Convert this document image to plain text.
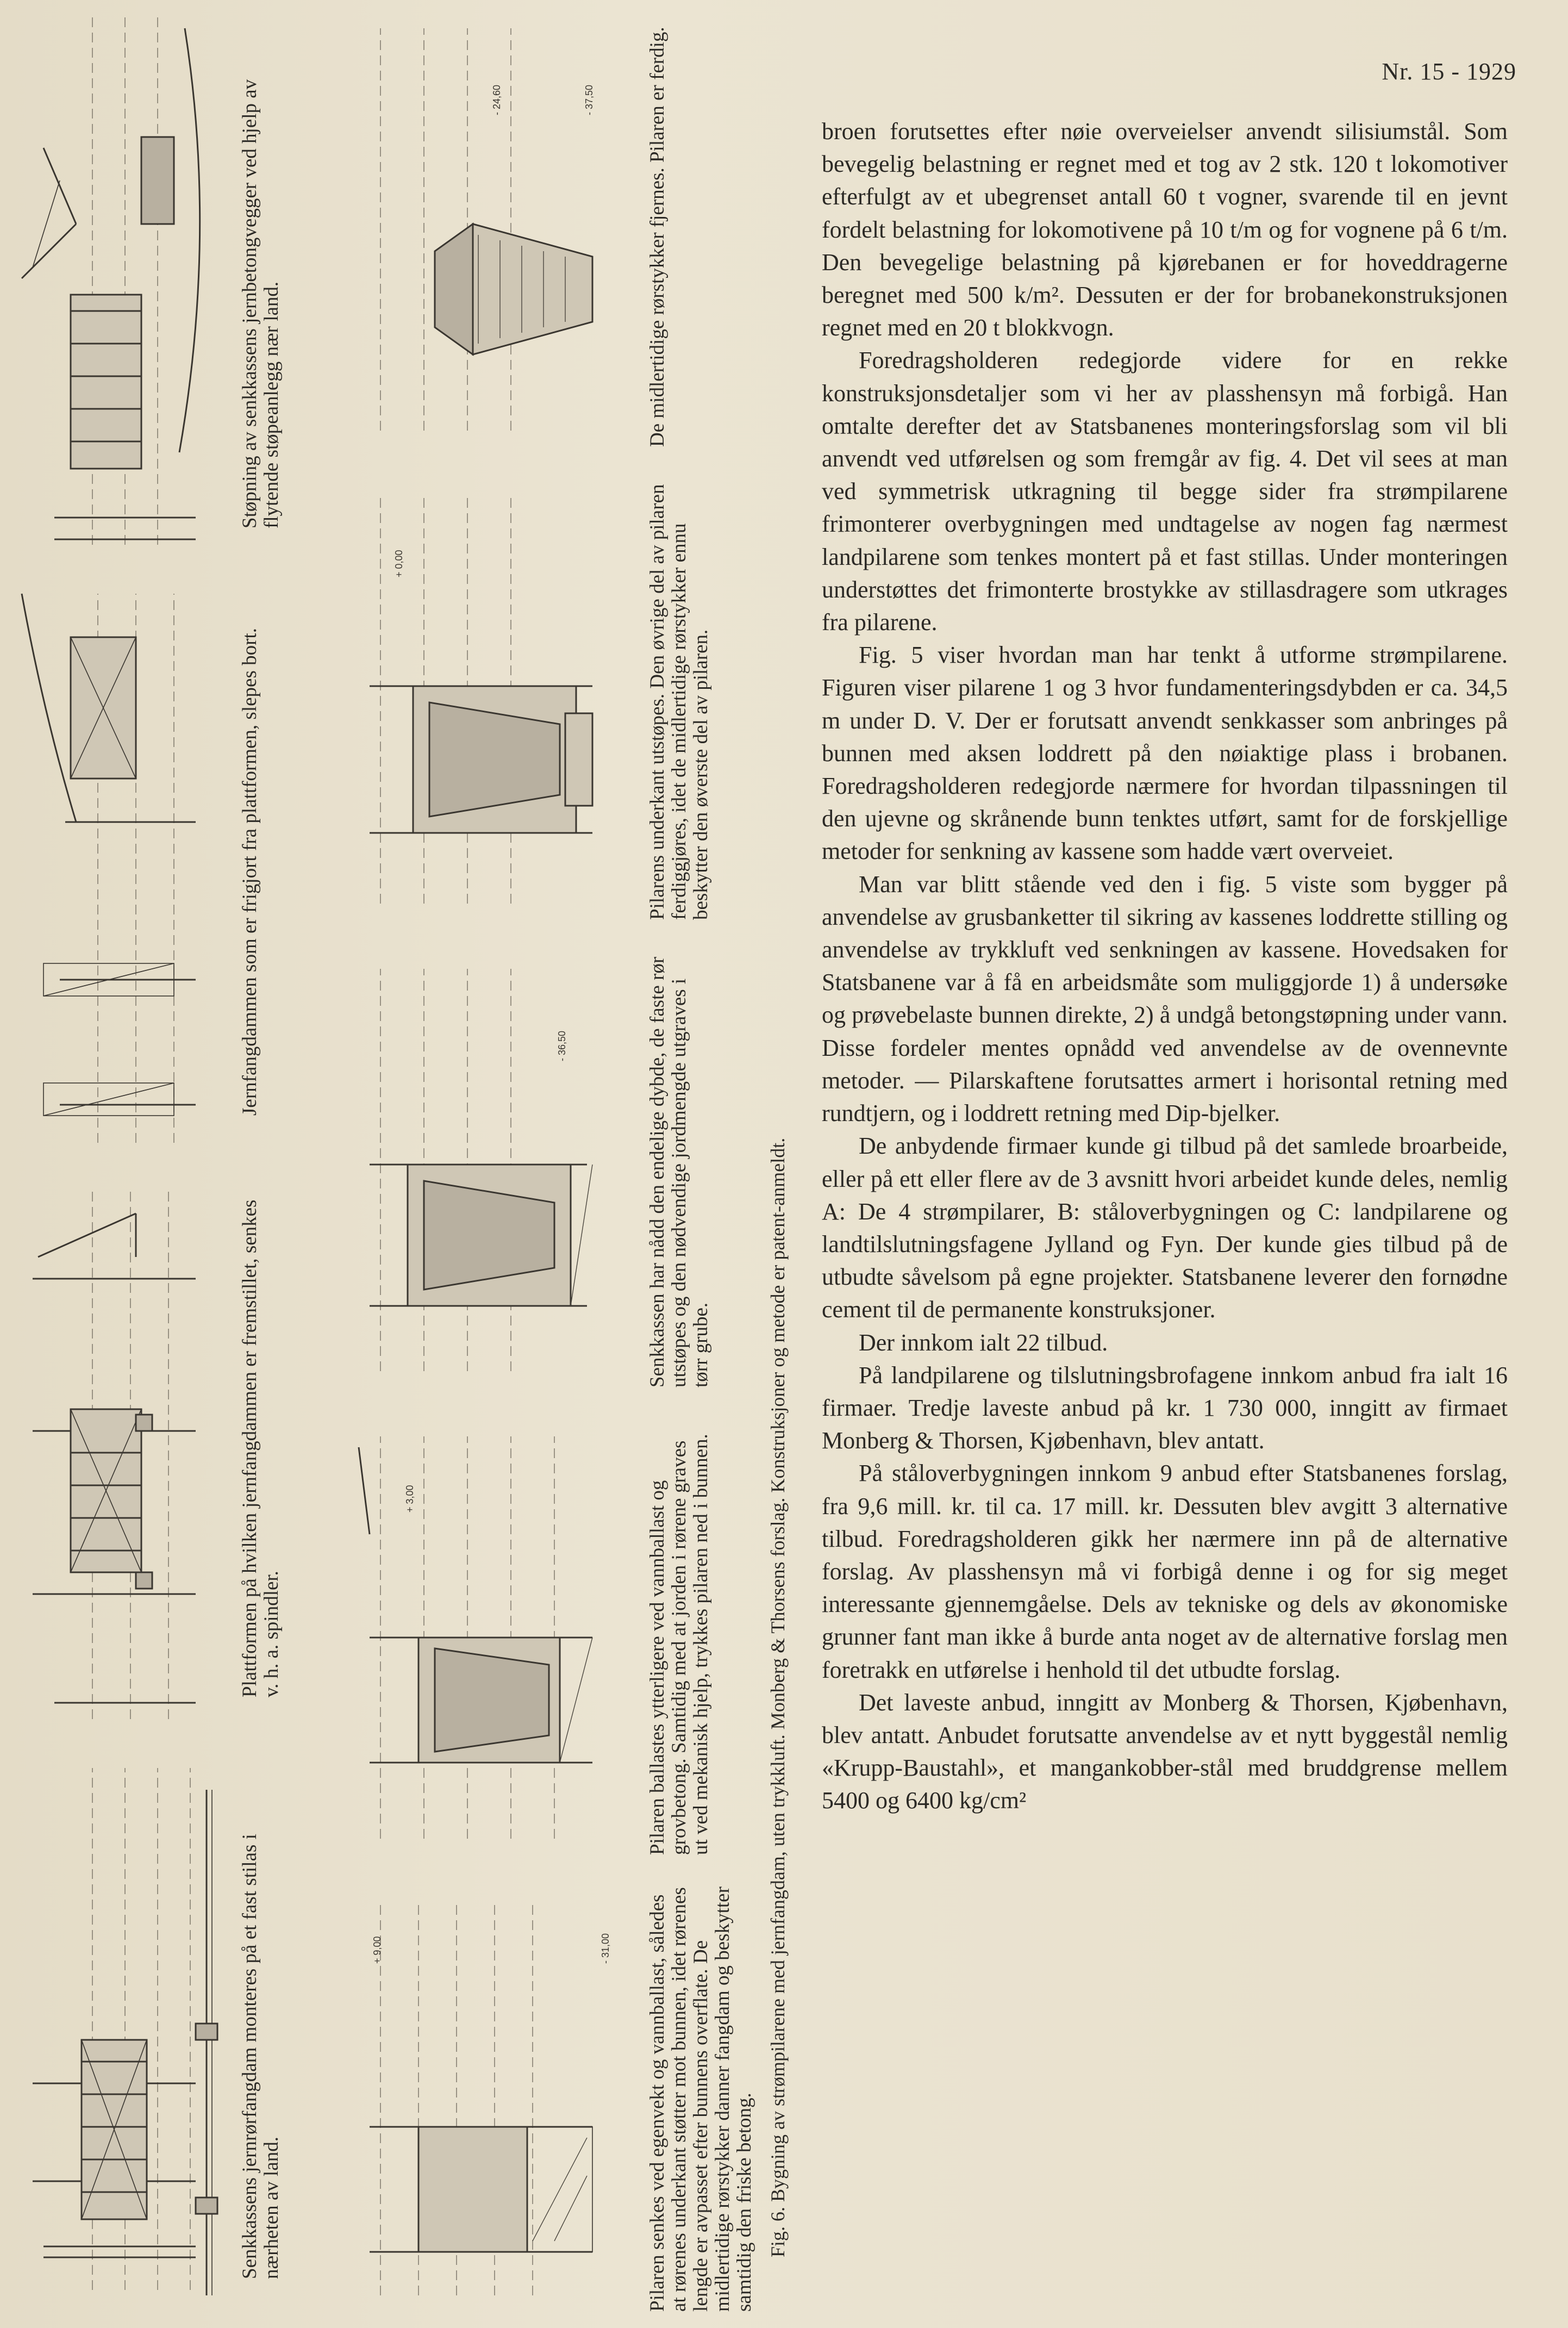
Nr. 15 - 1929
Senkkassens jernrørfangdam monteres på et fast stilas i nærheten av land.
Plattformen på hvilken jernfangdammen er fremstillet, senkes v. h. a. spindler.
Jernfangdammen som er frigjort fra plattformen, slepes bort.
Støpning av senkkassens jernbetongvegger ved hjelp av flytende støpeanlegg nær land.
+ 9,00	- 31,00 Pilaren senkes ved egenvekt og vannballast, således at rørenes underkant støtter mot bunnen, idet rørenes lengde er avpasset efter bunnens overflate. De midlertidige rørstykker danner fangdam og beskytter samtidig den friske betong.
+ 3,00	Pilaren ballastes ytterligere ved vannballast og grovbetong. Samtidig med at jorden i rørene graves ut ved mekanisk hjelp, trykkes pilaren ned i bunnen.
- 36,50	Senkkassen har nådd den endelige dybde, de faste rør utstøpes og den nødvendige jordmengde utgraves i tørr grube.
+ 0,00	Pilarens underkant utstøpes. Den øvrige del av pilaren ferdiggjøres, idet de midlertidige rørstykker ennu beskytter den øverste del av pilaren.
- 24,60	- 37,50	De midlertidige rørstykker fjernes. Pilaren er ferdig.
Fig. 6. Bygning av strømpilarene med jernfangdam, uten trykkluft. Monberg & Thorsens forslag. Konstruksjoner og metode er patent-anmeldt.

broen forutsettes efter nøie overveielser anvendt silisiumstål. Som bevegelig belastning er regnet med et tog av 2 stk. 120 t lokomotiver efterfulgt av et ubegrenset antall 60 t vogner, svarende til en jevnt fordelt belastning for lokomotivene på 10 t/m og for vognene på 6 t/m. Den bevegelige belastning på kjørebanen er for hoveddragerne beregnet med 500 k/m². Dessuten er der for brobanekonstruksjonen regnet med en 20 t blokkvogn.

Foredragsholderen redegjorde videre for en rekke konstruksjonsdetaljer som vi her av plasshensyn må forbigå. Han omtalte derefter det av Statsbanenes monteringsforslag som vil bli anvendt ved utførelsen og som fremgår av fig. 4. Det vil sees at man ved symmetrisk utkragning til begge sider fra strømpilarene frimonterer overbygningen med undtagelse av nogen fag nærmest landpilarene som tenkes montert på et fast stillas. Under monteringen understøttes det frimonterte brostykke av stillasdragere som utkrages fra pilarene.

Fig. 5 viser hvordan man har tenkt å utforme strømpilarene. Figuren viser pilarene 1 og 3 hvor fundamenteringsdybden er ca. 34,5 m under D. V. Der er forutsatt anvendt senkkasser som anbringes på bunnen med aksen loddrett på den nøiaktige plass i brobanen. Foredragsholderen redegjorde nærmere for hvordan tilpassningen til den ujevne og skrånende bunn tenktes utført, samt for de forskjellige metoder for senkning av kassene som hadde vært overveiet.

Man var blitt stående ved den i fig. 5 viste som bygger på anvendelse av grusbanketter til sikring av kassenes loddrette stilling og anvendelse av trykkluft ved senkningen av kassene. Hovedsaken for Statsbanene var å få en arbeidsmåte som muliggjorde 1) å undersøke og prøvebelaste bunnen direkte, 2) å undgå betongstøpning under vann. Disse fordeler mentes opnådd ved anvendelse av de ovennevnte metoder. — Pilarskaftene forutsattes armert i horisontal retning med rundtjern, og i loddrett retning med Dip-bjelker.

De anbydende firmaer kunde gi tilbud på det samlede broarbeide, eller på ett eller flere av de 3 avsnitt hvori arbeidet kunde deles, nemlig A: De 4 strømpilarer, B: ståloverbygningen og C: landpilarene og landtilslutningsfagene Jylland og Fyn. Der kunde gies tilbud på de utbudte såvelsom på egne projekter. Statsbanene leverer den fornødne cement til de permanente konstruksjoner.

Der innkom ialt 22 tilbud.

På landpilarene og tilslutningsbrofagene innkom anbud fra ialt 16 firmaer. Tredje laveste anbud på kr. 1 730 000, inngitt av firmaet Monberg & Thorsen, Kjøbenhavn, blev antatt.

På ståloverbygningen innkom 9 anbud efter Statsbanenes forslag, fra 9,6 mill. kr. til ca. 17 mill. kr. Dessuten blev avgitt 3 alternative tilbud. Foredragsholderen gikk her nærmere inn på de alternative forslag. Av plasshensyn må vi forbigå denne i og for sig meget interessante gjennemgåelse. Dels av tekniske og dels av økonomiske grunner fant man ikke å burde anta noget av de alternative forslag men foretrakk en utførelse i henhold til det utbudte forslag.

Det laveste anbud, inngitt av Monberg & Thorsen, Kjøbenhavn, blev antatt. Anbudet forutsatte anvendelse av et nytt byggestål nemlig «Krupp-Baustahl», et mangankobber-stål med bruddgrense mellem 5400 og 6400 kg/cm²
